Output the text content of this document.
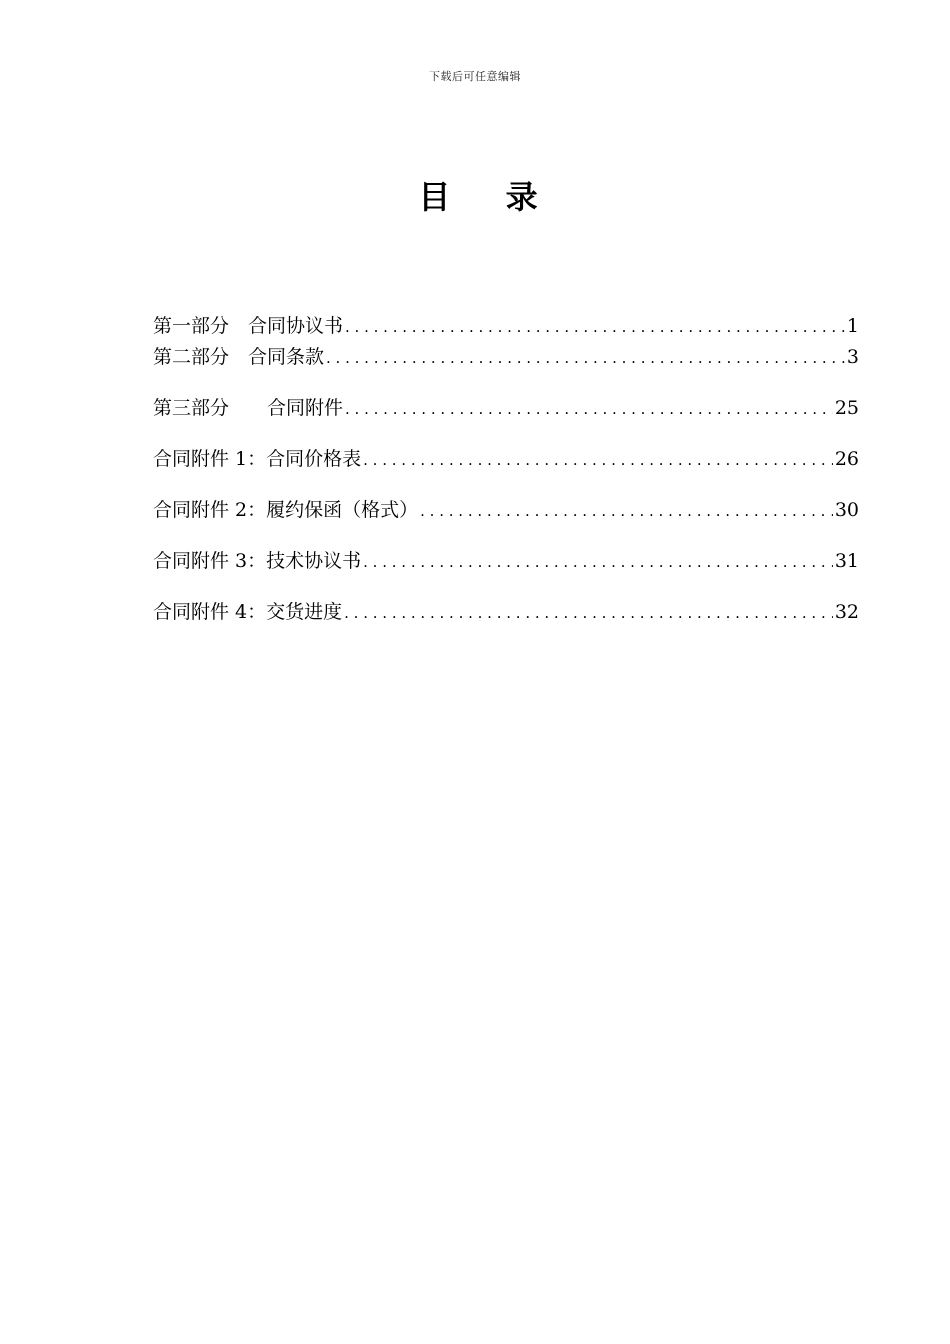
下载后可任意编辑
目 录
第一部分　合同协议书 . . .	1
第二部分　合同条款 . . .	3
第三部分　　合同附件 . . .	25
合同附件 1：合同价格表 . . .	26
合同附件 2：履约保函（格式） . . .	30
合同附件 3：技术协议书 . . .	31
合同附件 4：交货进度 . . .	32
